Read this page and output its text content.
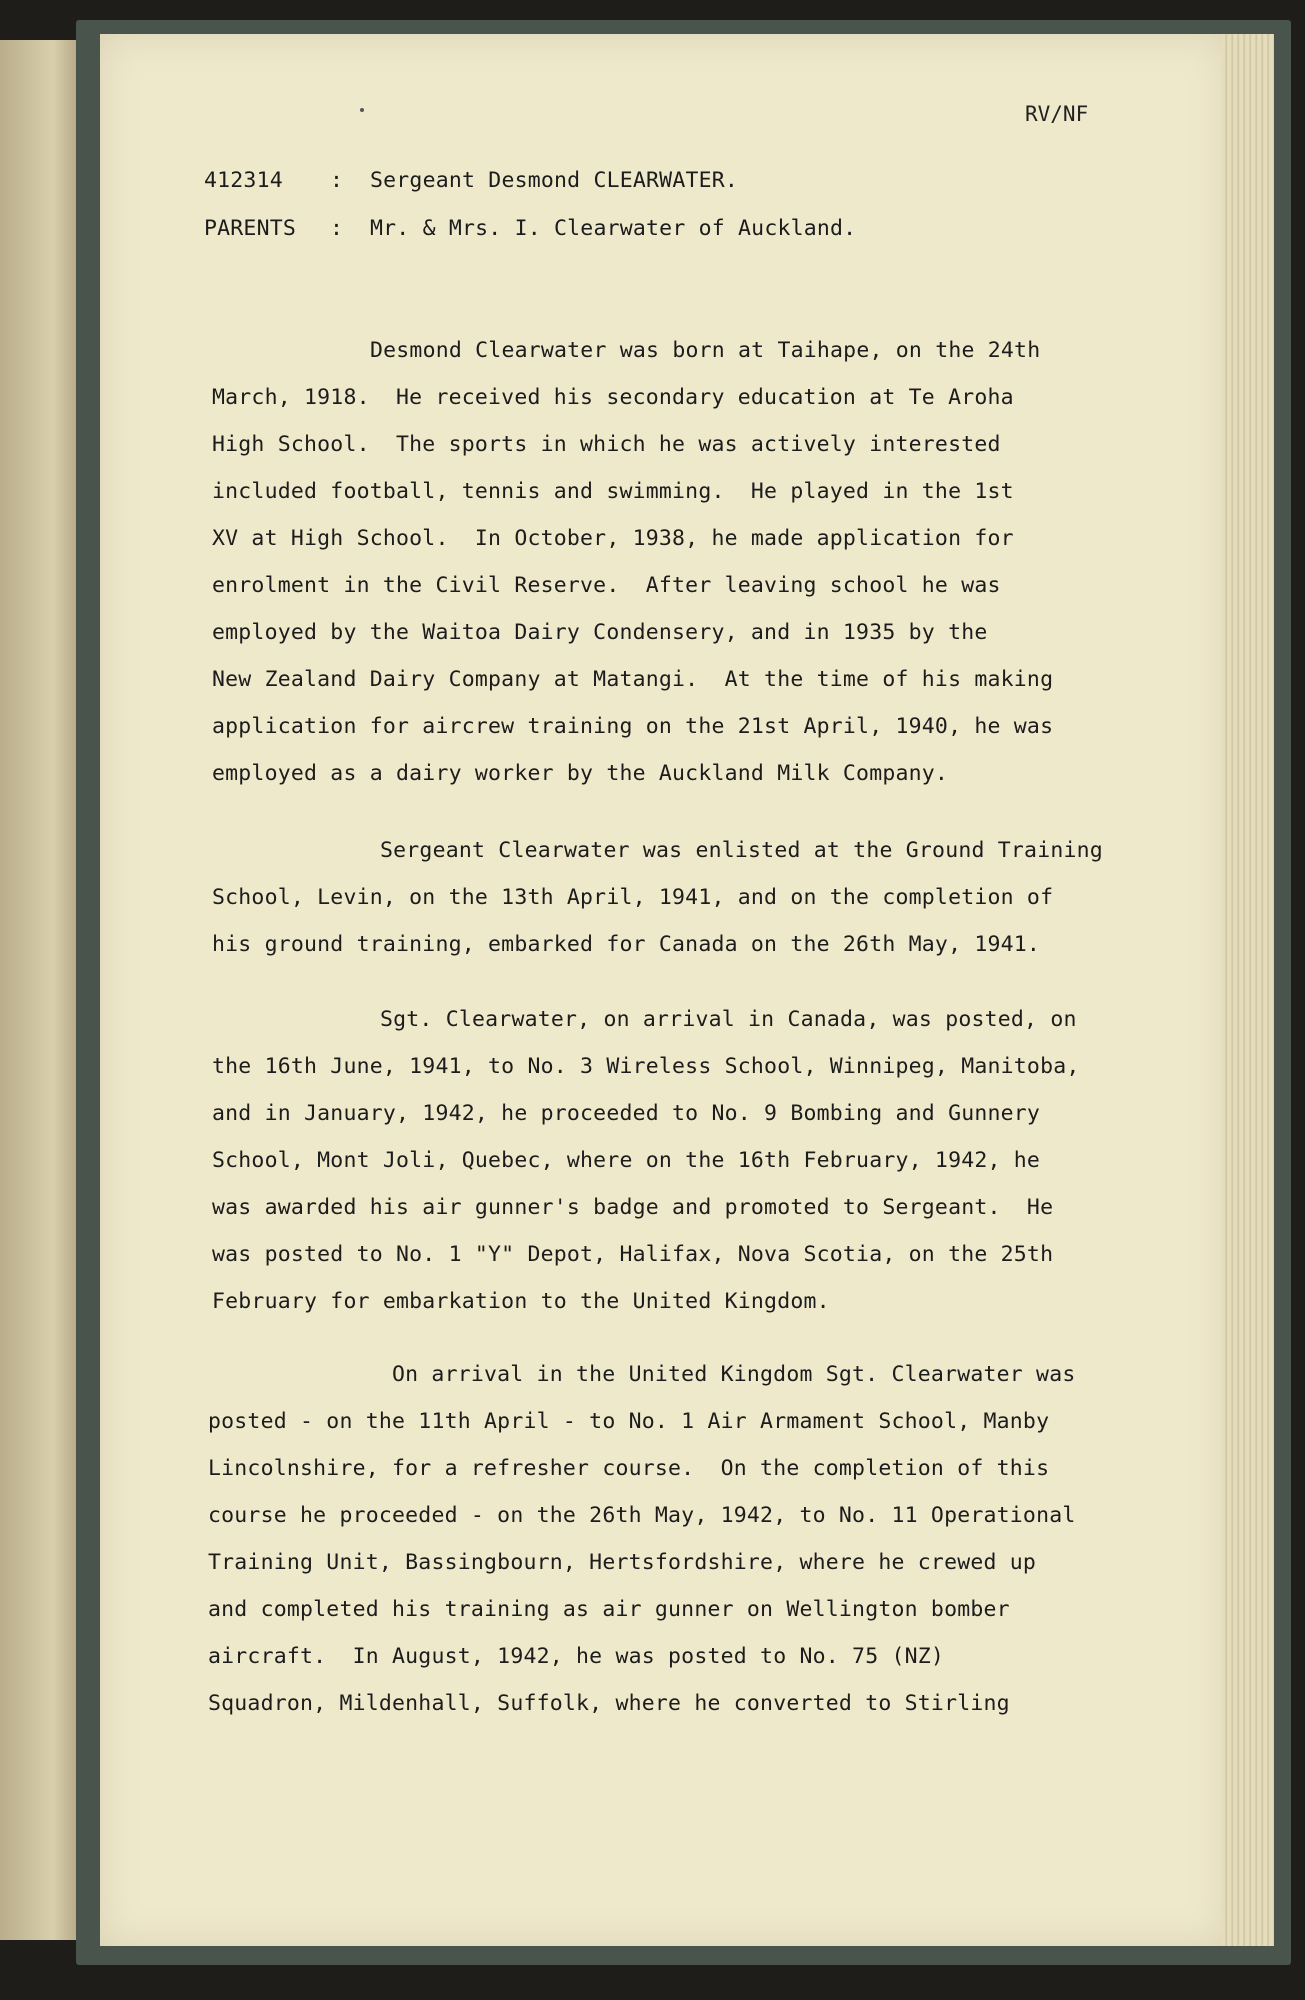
RV/NF
412314 : Sergeant Desmond CLEARWATER.
PARENTS : Mr. & Mrs. I. Clearwater of Auckland.
Desmond Clearwater was born at Taihape, on the 24th
March, 1918.  He received his secondary education at Te Aroha
High School.  The sports in which he was actively interested
included football, tennis and swimming.  He played in the 1st
XV at High School.  In October, 1938, he made application for
enrolment in the Civil Reserve.  After leaving school he was
employed by the Waitoa Dairy Condensery, and in 1935 by the
New Zealand Dairy Company at Matangi.  At the time of his making
application for aircrew training on the 21st April, 1940, he was
employed as a dairy worker by the Auckland Milk Company.
Sergeant Clearwater was enlisted at the Ground Training
School, Levin, on the 13th April, 1941, and on the completion of
his ground training, embarked for Canada on the 26th May, 1941.
Sgt. Clearwater, on arrival in Canada, was posted, on
the 16th June, 1941, to No. 3 Wireless School, Winnipeg, Manitoba,
and in January, 1942, he proceeded to No. 9 Bombing and Gunnery
School, Mont Joli, Quebec, where on the 16th February, 1942, he
was awarded his air gunner's badge and promoted to Sergeant.  He
was posted to No. 1 "Y" Depot, Halifax, Nova Scotia, on the 25th
February for embarkation to the United Kingdom.
On arrival in the United Kingdom Sgt. Clearwater was
posted - on the 11th April - to No. 1 Air Armament School, Manby
Lincolnshire, for a refresher course.  On the completion of this
course he proceeded - on the 26th May, 1942, to No. 11 Operational
Training Unit, Bassingbourn, Hertsfordshire, where he crewed up
and completed his training as air gunner on Wellington bomber
aircraft.  In August, 1942, he was posted to No. 75 (NZ)
Squadron, Mildenhall, Suffolk, where he converted to Stirling
